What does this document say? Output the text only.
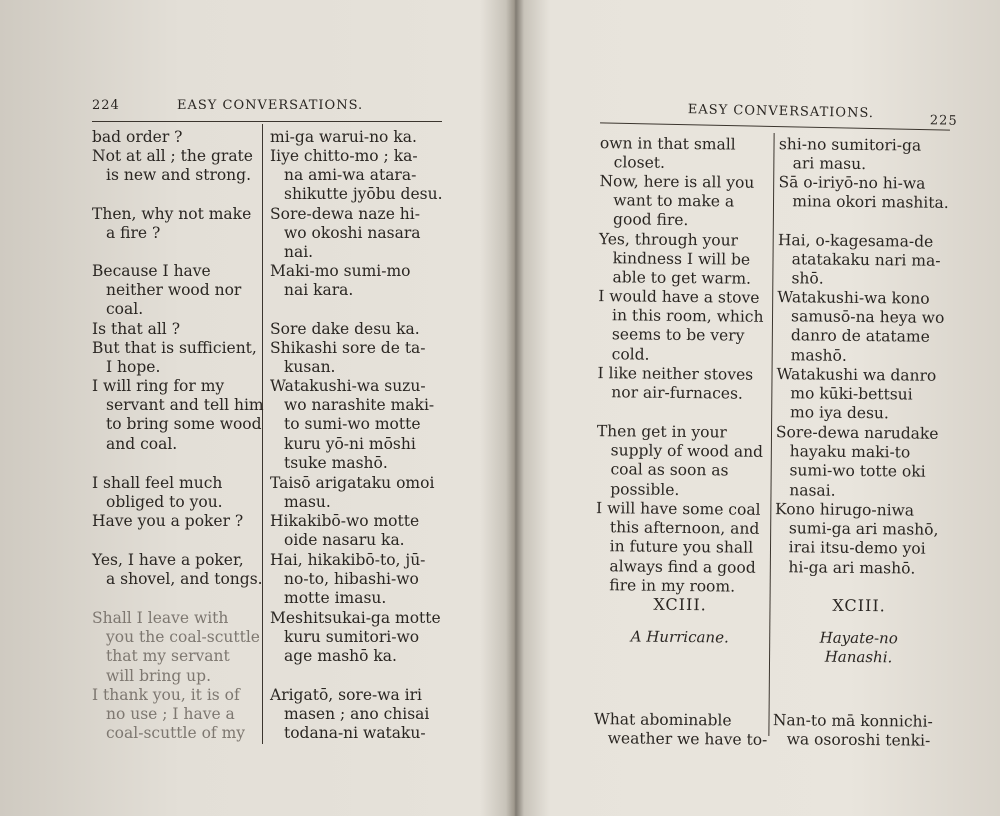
224	EASY CONVERSATIONS.
bad order ?
Not at all ; the grate
is new and strong.
Then, why not make
a fire ?
Because I have
neither wood nor
coal.
Is that all ?
But that is sufficient,
I hope.
I will ring for my
servant and tell him
to bring some wood
and coal.
I shall feel much
obliged to you.
Have you a poker ?
Yes, I have a poker,
a shovel, and tongs.
Shall I leave with
you the coal-scuttle
that my servant
will bring up.
I thank you, it is of
no use ; I have a
coal-scuttle of my
mi-ga warui-no ka.
Iiye chitto-mo ; ka-
na ami-wa atara-
shikutte jyōbu desu.
Sore-dewa naze hi-
wo okoshi nasara
nai.
Maki-mo sumi-mo
nai kara.
Sore dake desu ka.
Shikashi sore de ta-
kusan.
Watakushi-wa suzu-
wo narashite maki-
to sumi-wo motte
kuru yō-ni mōshi
tsuke mashō.
Taisō arigataku omoi
masu.
Hikakibō-wo motte
oide nasaru ka.
Hai, hikakibō-to, jū-
no-to, hibashi-wo
motte imasu.
Meshitsukai-ga motte
kuru sumitori-wo
age mashō ka.
Arigatō, sore-wa iri
masen ; ano chisai
todana-ni wataku-
EASY CONVERSATIONS.	225
XCIII.
A Hurricane.
own in that small
closet.
Now, here is all you
want to make a
good fire.
Yes, through your
kindness I will be
able to get warm.
I would have a stove
in this room, which
seems to be very
cold.
I like neither stoves
nor air-furnaces.
Then get in your
supply of wood and
coal as soon as
possible.
I will have some coal
this afternoon, and
in future you shall
always find a good
fire in my room.
What abominable
weather we have to-
XCIII.
Hayate-no
Hanashi.
shi-no sumitori-ga
ari masu.
Sā o-iriyō-no hi-wa
mina okori mashita.
Hai, o-kagesama-de
atatakaku nari ma-
shō.
Watakushi-wa kono
samusō-na heya wo
danro de atatame
mashō.
Watakushi wa danro
mo kūki-bettsui
mo iya desu.
Sore-dewa narudake
hayaku maki-to
sumi-wo totte oki
nasai.
Kono hirugo-niwa
sumi-ga ari mashō,
irai itsu-demo yoi
hi-ga ari mashō.
Nan-to mā konnichi-
wa osoroshi tenki-
